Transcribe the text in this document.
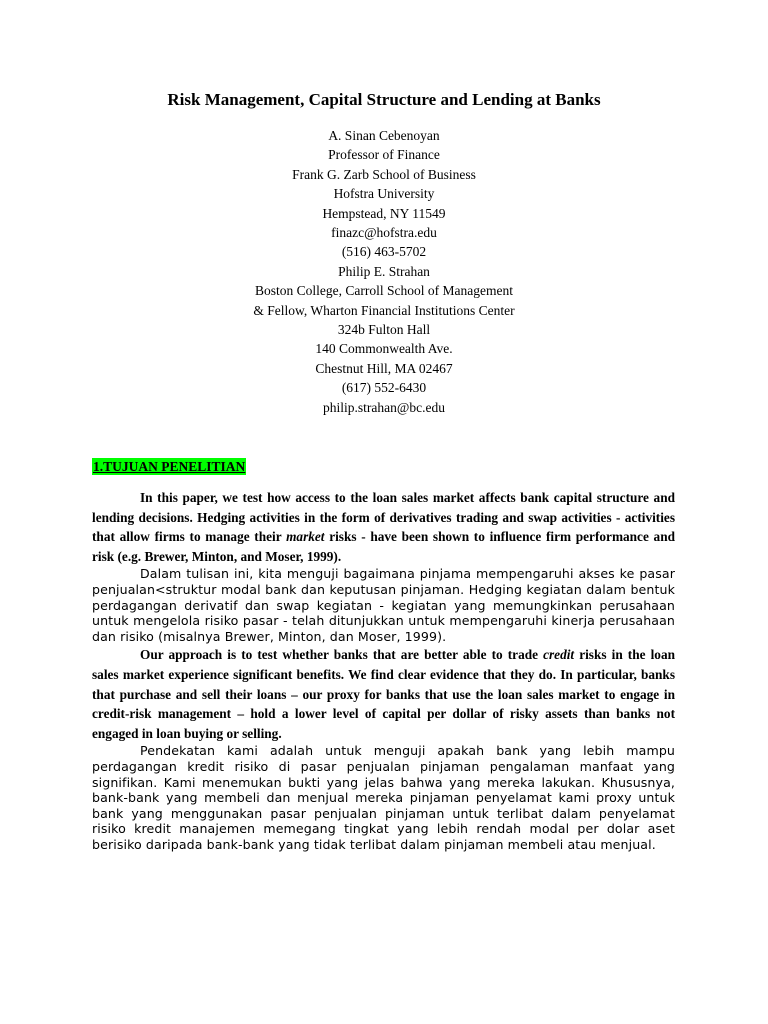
Risk Management, Capital Structure and Lending at Banks
A. Sinan Cebenoyan
Professor of Finance
Frank G. Zarb School of Business
Hofstra University
Hempstead, NY 11549
finazc@hofstra.edu
(516) 463-5702
Philip E. Strahan
Boston College, Carroll School of Management
& Fellow, Wharton Financial Institutions Center
324b Fulton Hall
140 Commonwealth Ave.
Chestnut Hill, MA 02467
(617) 552-6430
philip.strahan@bc.edu
1.TUJUAN PENELITIAN

In this paper, we test how access to the loan sales market affects bank capital structure and lending decisions. Hedging activities in the form of derivatives trading and swap activities - activities that allow firms to manage their market risks - have been shown to influence firm performance and risk (e.g. Brewer, Minton, and Moser, 1999).

Dalam tulisan ini, kita menguji bagaimana pinjama mempengaruhi akses ke pasar penjualan<struktur modal bank dan keputusan pinjaman. Hedging kegiatan dalam bentuk perdagangan derivatif dan swap kegiatan - kegiatan yang memungkinkan perusahaan untuk mengelola risiko pasar - telah ditunjukkan untuk mempengaruhi kinerja perusahaan dan risiko (misalnya Brewer, Minton, dan Moser, 1999).

Our approach is to test whether banks that are better able to trade credit risks in the loan sales market experience significant benefits. We find clear evidence that they do. In particular, banks that purchase and sell their loans – our proxy for banks that use the loan sales market to engage in credit-risk management – hold a lower level of capital per dollar of risky assets than banks not engaged in loan buying or selling.

Pendekatan kami adalah untuk menguji apakah bank yang lebih mampu perdagangan kredit risiko di pasar penjualan pinjaman pengalaman manfaat yang signifikan. Kami menemukan bukti yang jelas bahwa yang mereka lakukan. Khususnya, bank-bank yang membeli dan menjual mereka pinjaman penyelamat kami proxy untuk bank yang menggunakan pasar penjualan pinjaman untuk terlibat dalam penyelamat risiko kredit manajemen memegang tingkat yang lebih rendah modal per dolar aset berisiko daripada bank-bank yang tidak terlibat dalam pinjaman membeli atau menjual.
